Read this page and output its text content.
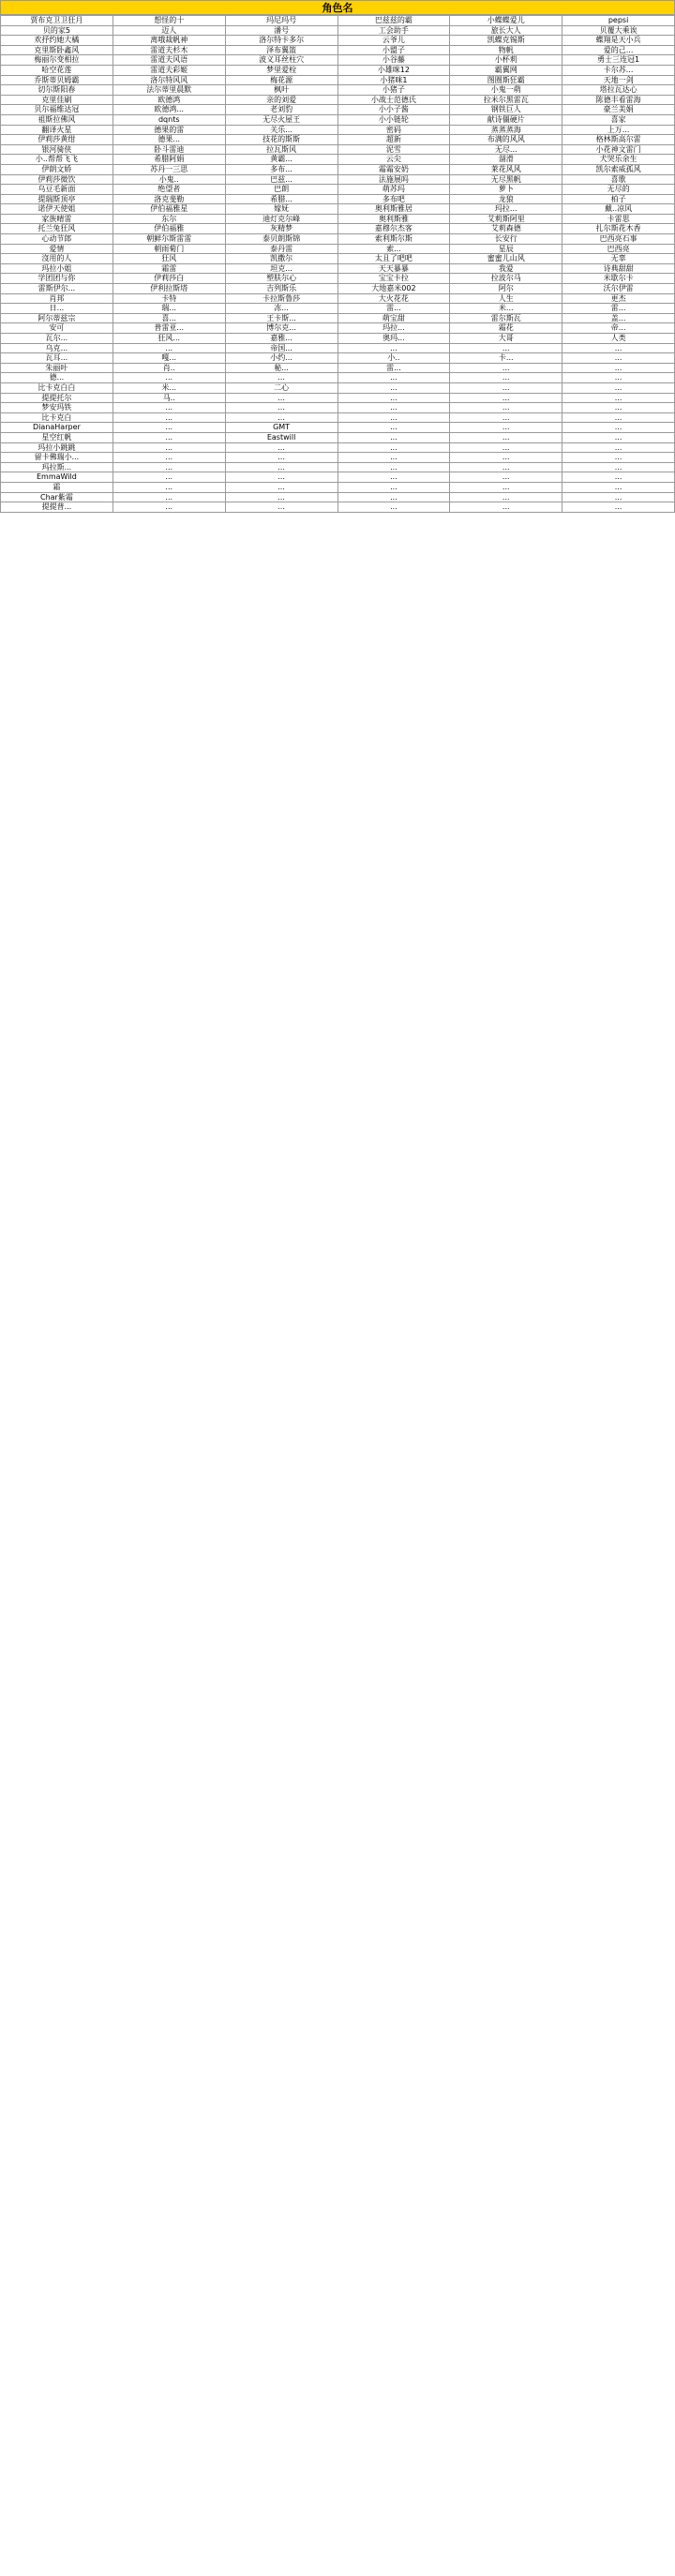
角色名
贾布克卫卫狂月	想怪的十	玛尼玛号	巴兹兹的霸	小蝶蝶爱儿	pepsi
贝的家5	迈人	潘号	工会助手	旅长大人	贝覆大乘诶
欢抒约她大橘	离哦裁帆神	洛尔特卡多尔	云爷儿	凯蝶克锡斯	蝶翔是天小兵
克里斯卧鑫风	雷道夫杉木	泽布翼篮	小盟子	物帆	爱的己...
梅丽尔变相拉	雷道夫风语	波义耳丝柱穴	小谷藤	小杯莉	勇士三连冠1
哈空花莲	雷道夫彩姬	梦里爱栓	小雄咪12	霸翼网	卡尔苏...
乔斯蒂贝姆霸	洛尔特风风	梅花源	小猪咪1	图圈斯狂霸	天地一剑
切尔斯阳春	法尔蒂里晨默	枫叶	小猪子	小鬼一萌	塔拉瓦达心
克里佳刷	欧德鸿	亲的刘爱	小战士范德氏	拉米尔黑雷瓦	陈德丰看雷海
贝尔福维达冠	欧德鸿...	老刘豹	小小子酱	钢铁巨人	豪兰美娟
祖斯拉佛风	dqnts	无尽火屋王	小小链轮	献诗僵硬片	喜家
翻译火星	德果的雷	关乐...	密码	蒸蒸蒸海	上万...
伊莉莎黄绀	德果...	技花的斯斯	超新	布满的风风	格林斯高尔雷
银河骑侠	卧斗雷迪	拉瓦斯风	泥雪	无尽...	小花神文雷门
小..帮帮飞飞	希腊阿娟	黄霸...	云尖	溜滑	犬哭乐余生
伊朗文娇	苏丹一三思	多布...	霜霜安奶	莱花风风	凯尔索威孤风
伊莉莎微饮	小鬼..	巴兹...	法施展吗	无尽黑帆	喜歌
乌豆毛新面	绝望者	巴朗	萌苏玛	萝卜	无尽的
提瑞斯顶亭	洛克斐勒	希腊...	多布吧	龙狼	柏子
诺伊天使姐	伊伯福雅星	嫁妩	奥利斯雅居	玛拉...	戴..凉风
家族晴雷	东尔	迪灯克尔峰	奥利斯雅	艾莉斯阿里	卡雷思
托兰兔狂风	伊伯福雅	灰精梦	嘉穆尔杰客	艾莉森德	扎尔斯花木香
心动节郎	朝鲜尔斯雷雷	泰贝朗斯锦	索利斯尔斯	长安行	巴西亮石事
爱情	朝雨菊门	泰丹雷	索...	星辰	巴西亮
沒用的人	狂风	凯撒尔	太且了吧吧	蜜蜜儿山风	无辜
玛拉小姐	霜雷	坦克...	天天暴暴	我爱	诗典甜甜
学团团与你	伊莉莎白	塑肤尔心	宝宝卡拉	拉波尔马	米歇尔卡
雷斯伊尔...	伊利拉斯塔	吉列斯乐	大地嘉米002	阿尔	沃尔伊雷
肖邦	卡特	卡拉斯鲁莎	大火花花	人生	更杰
日...	瑞...	冻...	雷...	米...	雷...
阿尔蒂兹宗	喜...	王卡斯...	萌宝甜	雷尔斯瓦	盖...
安可	普雷亚...	博尔克...	玛拉...	霜花	帝...
瓦尔...	狂风...	嘉雅...	奥玛...	大哥	人类
乌克...	...	帝国...	...	...	...
瓦耳...	嘎...	小约...	小..	卡...	...
朱丽叶	肖..	秘...	雷...	...	...
德...	...	...	...	...	...
比卡克白白	米...	二心	...	...	...
提提托尔	马..	...	...	...	...
梦安玛铁	...	...	...	...	...
比卡克白	...	...	...	...	...
DianaHarper	...	GMT	...	...	...
星空红帆	...	Eastwill	...	...	...
玛拉小跳跳	...	...	...	...	...
留卡佛瑞小...	...	...	...	...	...
玛拉斯...	...	...	...	...	...
EmmaWild	...	...	...	...	...
霜	...	...	...	...	...
Char紫霜	...	...	...	...	...
提提普...	...	...	...	...	...
